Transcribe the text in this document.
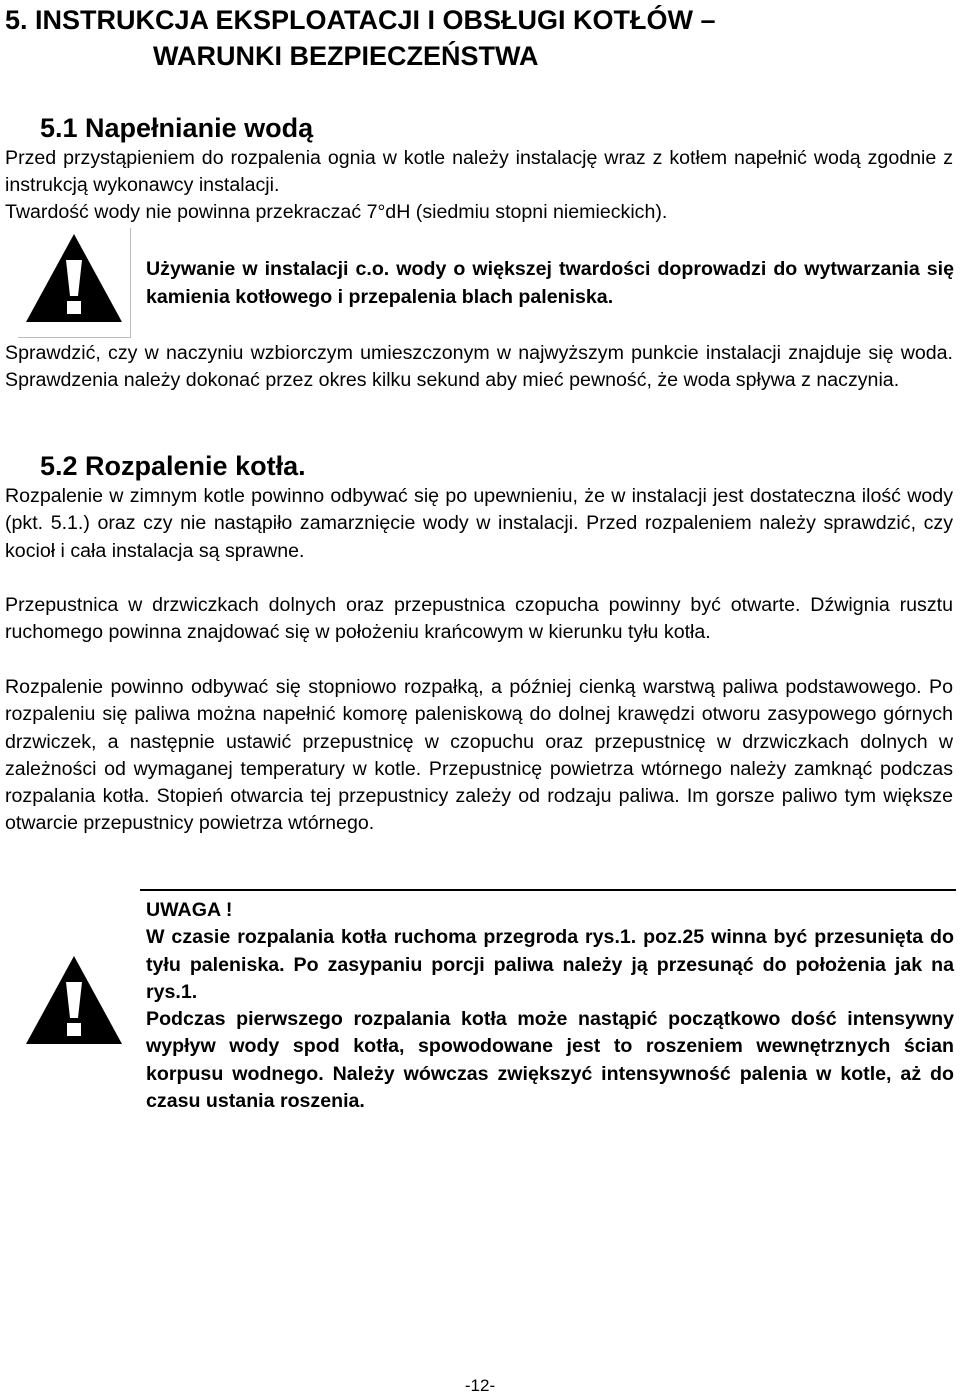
5. INSTRUKCJA EKSPLOATACJI I OBSŁUGI KOTŁÓW –
WARUNKI BEZPIECZEŃSTWA
5.1 Napełnianie wodą

Przed przystąpieniem do rozpalenia ognia w kotle należy instalację wraz z kotłem napełnić wodą zgodnie z instrukcją wykonawcy instalacji.

Twardość wody nie powinna przekraczać 7°dH (siedmiu stopni niemieckich).

Używanie w instalacji c.o. wody o większej twardości doprowadzi do wytwarzania się kamienia kotłowego i przepalenia blach paleniska.

Sprawdzić, czy w naczyniu wzbiorczym umieszczonym w najwyższym punkcie instalacji znajduje się woda. Sprawdzenia należy dokonać przez okres kilku sekund aby mieć pewność, że woda spływa z naczynia.

5.2 Rozpalenie kotła.

Rozpalenie w zimnym kotle powinno odbywać się po upewnieniu, że w instalacji jest dostateczna ilość wody (pkt. 5.1.) oraz czy nie nastąpiło zamarznięcie wody w instalacji. Przed rozpaleniem należy sprawdzić, czy kocioł i cała instalacja są sprawne.

Przepustnica w drzwiczkach dolnych oraz przepustnica czopucha powinny być otwarte. Dźwignia rusztu ruchomego powinna znajdować się w położeniu krańcowym w kierunku tyłu kotła.

Rozpalenie powinno odbywać się stopniowo rozpałką, a później cienką warstwą paliwa podstawowego. Po rozpaleniu się paliwa można napełnić komorę paleniskową do dolnej krawędzi otworu zasypowego górnych drzwiczek, a następnie ustawić przepustnicę w czopuchu oraz przepustnicę w drzwiczkach dolnych w zależności od wymaganej temperatury w kotle. Przepustnicę powietrza wtórnego należy zamknąć podczas rozpalania kotła. Stopień otwarcia tej przepustnicy zależy od rodzaju paliwa. Im gorsze paliwo tym większe otwarcie przepustnicy powietrza wtórnego.

UWAGA !
W czasie rozpalania kotła ruchoma przegroda rys.1. poz.25 winna być przesunięta do tyłu paleniska. Po zasypaniu porcji paliwa należy ją przesunąć do położenia jak na rys.1.
Podczas pierwszego rozpalania kotła może nastąpić początkowo dość intensywny wypływ wody spod kotła, spowodowane jest to roszeniem wewnętrznych ścian korpusu wodnego. Należy wówczas zwiększyć intensywność palenia w kotle, aż do czasu ustania roszenia.
-12-
